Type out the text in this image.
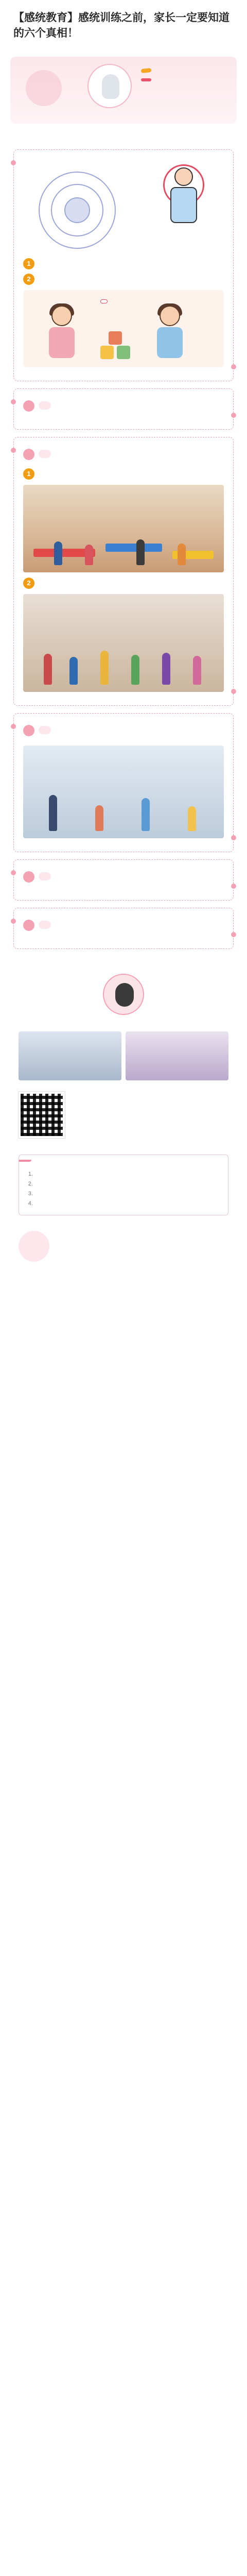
【感统教育】感统训练之前，家长一定要知道的六个真相！

1

2

1

2

1.
2.
3.
4.
